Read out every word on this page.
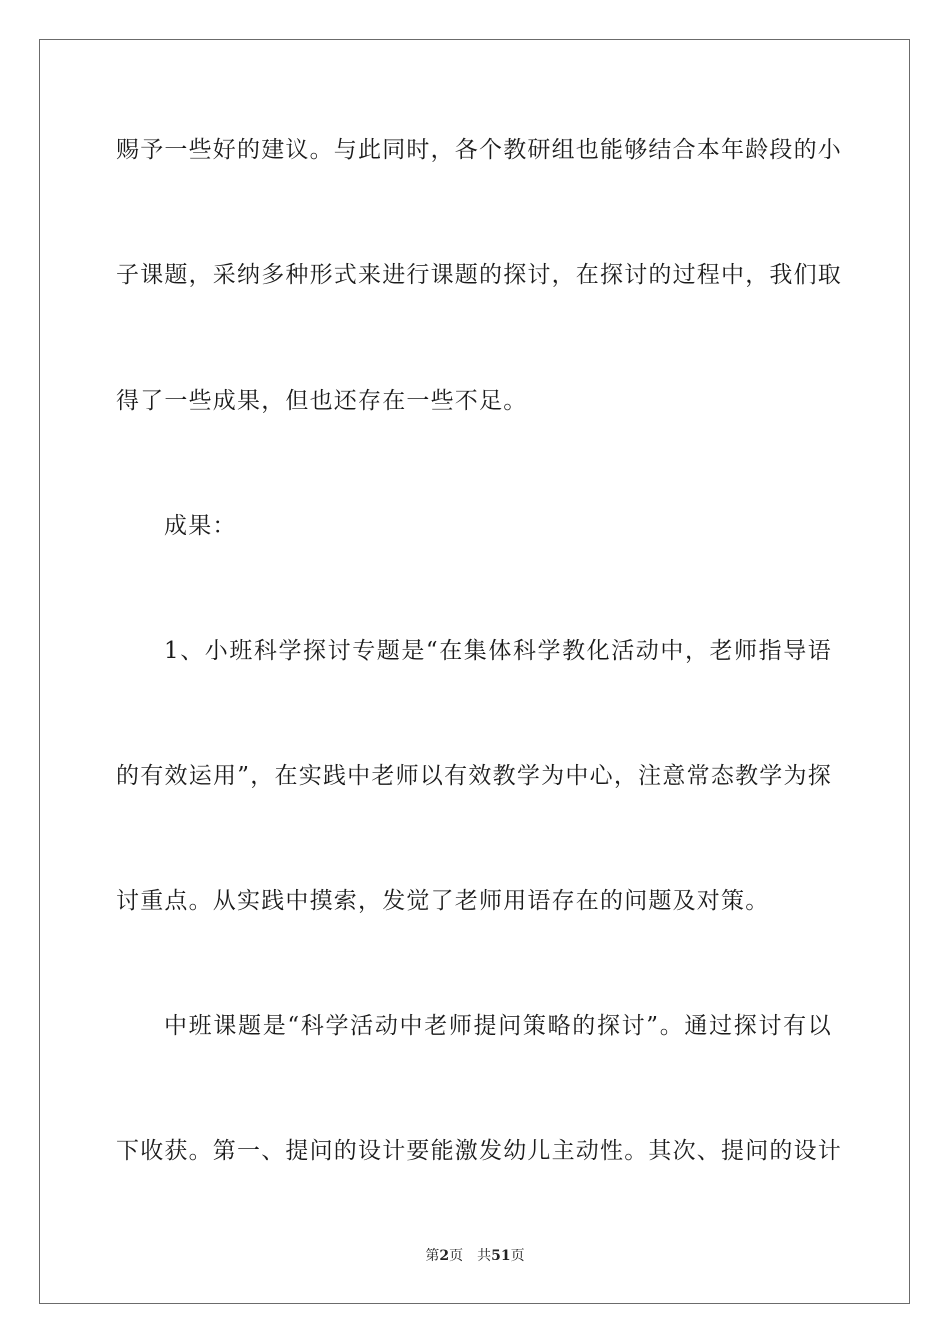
赐予一些好的建议。与此同时，各个教研组也能够结合本年龄段的小
子课题，采纳多种形式来进行课题的探讨，在探讨的过程中，我们取
得了一些成果，但也还存在一些不足。
成果：
1、小班科学探讨专题是“在集体科学教化活动中，老师指导语
的有效运用”，在实践中老师以有效教学为中心，注意常态教学为探
讨重点。从实践中摸索，发觉了老师用语存在的问题及对策。
中班课题是“科学活动中老师提问策略的探讨”。通过探讨有以
下收获。第一、提问的设计要能激发幼儿主动性。其次、提问的设计
第2页 共51页
